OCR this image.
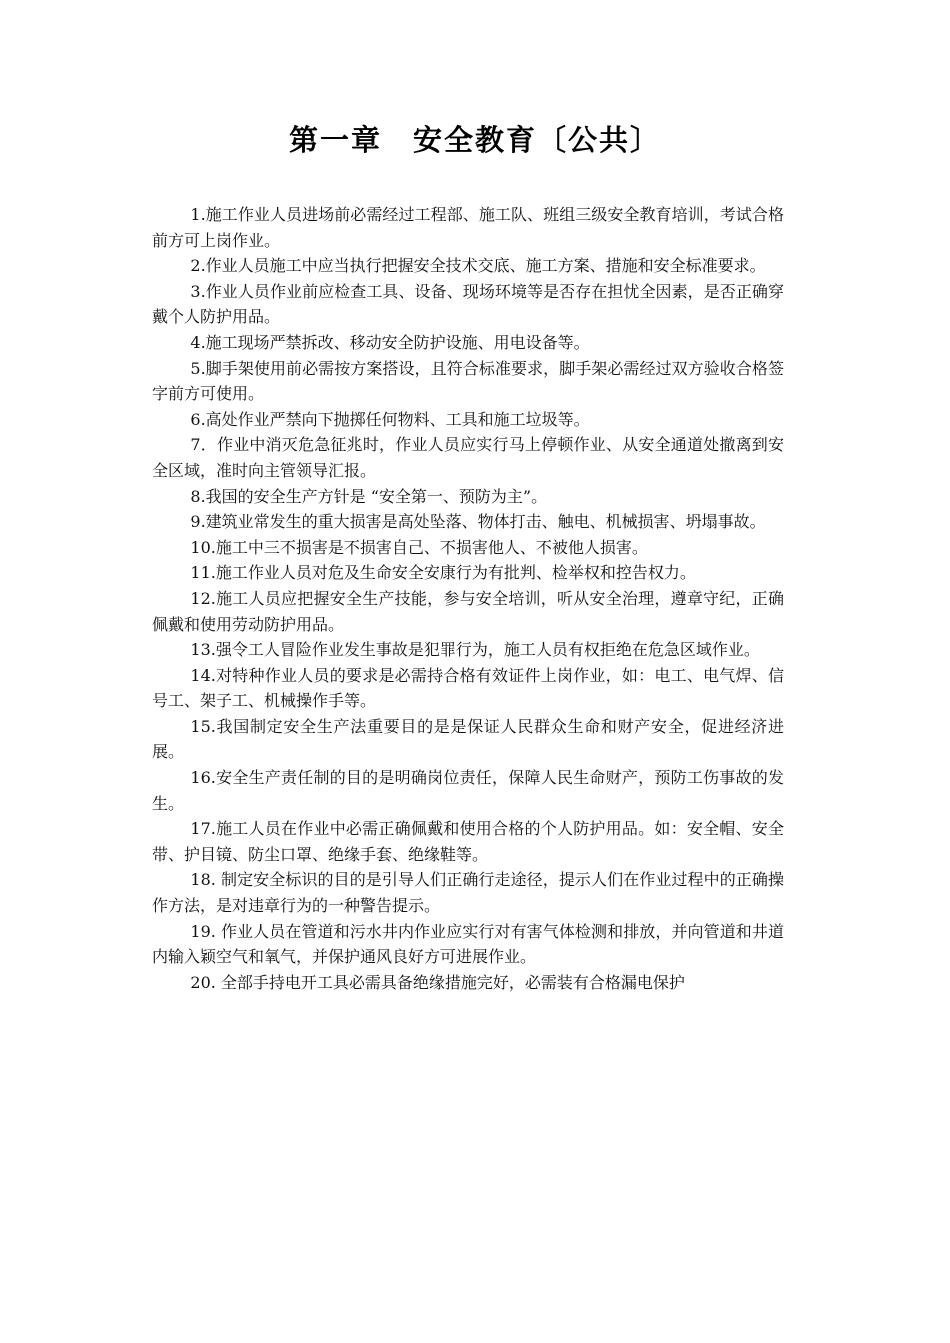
第一章　安全教育〔公共〕

1.施工作业人员进场前必需经过工程部、施工队、班组三级安全教育培训，考试合格前方可上岗作业。

2.作业人员施工中应当执行把握安全技术交底、施工方案、措施和安全标准要求。

3.作业人员作业前应检查工具、设备、现场环境等是否存在担忧全因素，是否正确穿戴个人防护用品。

4.施工现场严禁拆改、移动安全防护设施、用电设备等。

5.脚手架使用前必需按方案搭设，且符合标准要求，脚手架必需经过双方验收合格签字前方可使用。

6.高处作业严禁向下抛掷任何物料、工具和施工垃圾等。

7．作业中消灭危急征兆时，作业人员应实行马上停顿作业、从安全通道处撤离到安全区域，准时向主管领导汇报。

8.我国的安全生产方针是 “安全第一、预防为主”。

9.建筑业常发生的重大损害是高处坠落、物体打击、触电、机械损害、坍塌事故。

10.施工中三不损害是不损害自己、不损害他人、不被他人损害。

11.施工作业人员对危及生命安全安康行为有批判、检举权和控告权力。

12.施工人员应把握安全生产技能，参与安全培训，听从安全治理，遵章守纪，正确佩戴和使用劳动防护用品。

13.强令工人冒险作业发生事故是犯罪行为，施工人员有权拒绝在危急区域作业。

14.对特种作业人员的要求是必需持合格有效证件上岗作业，如：电工、电气焊、信号工、架子工、机械操作手等。

15.我国制定安全生产法重要目的是是保证人民群众生命和财产安全，促进经济进展。

16.安全生产责任制的目的是明确岗位责任，保障人民生命财产，预防工伤事故的发生。

17.施工人员在作业中必需正确佩戴和使用合格的个人防护用品。如：安全帽、安全带、护目镜、防尘口罩、绝缘手套、绝缘鞋等。

18. 制定安全标识的目的是引导人们正确行走途径，提示人们在作业过程中的正确操作方法，是对违章行为的一种警告提示。

19. 作业人员在管道和污水井内作业应实行对有害气体检测和排放，并向管道和井道内输入颖空气和氧气，并保护通风良好方可进展作业。

20. 全部手持电开工具必需具备绝缘措施完好，必需装有合格漏电保护
